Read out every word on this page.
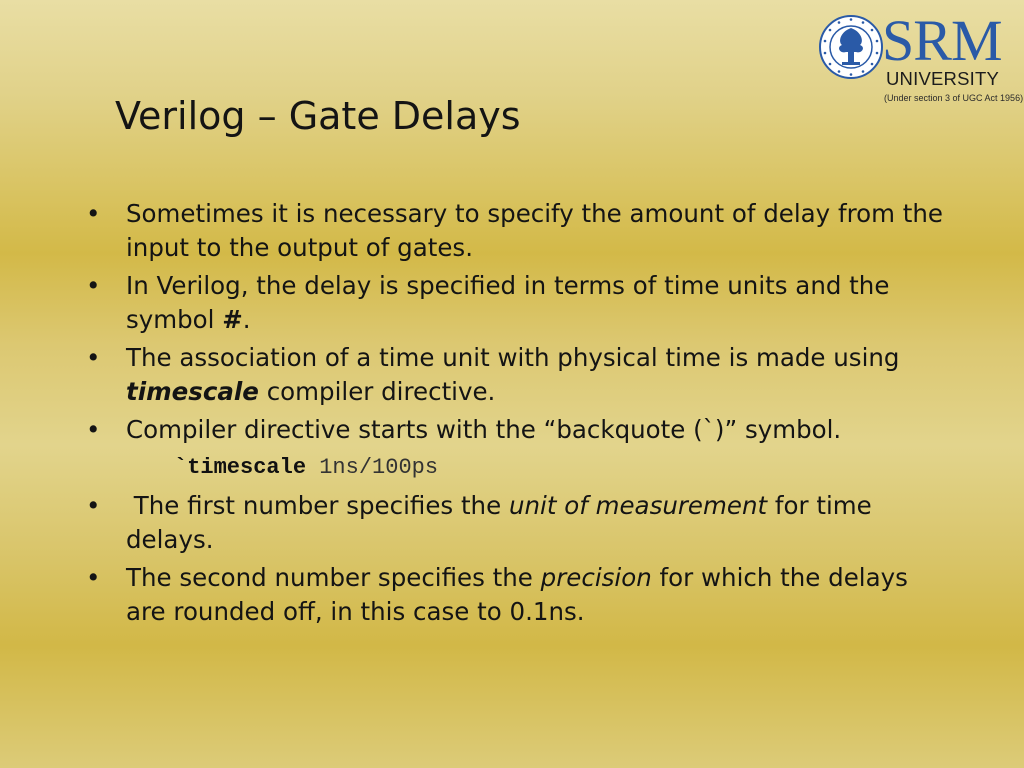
SRM
UNIVERSITY
(Under section 3 of UGC Act 1956)
Verilog – Gate Delays
• Sometimes it is necessary to specify the amount of delay from the input to the output of gates.
• In Verilog, the delay is specified in terms of time units and the symbol #.
• The association of a time unit with physical time is made using timescale compiler directive.
• Compiler directive starts with the “backquote (`)” symbol.
`timescale 1ns/100ps
• The first number specifies the unit of measurement for time delays.
• The second number specifies the precision for which the delays are rounded off, in this case to 0.1ns.
